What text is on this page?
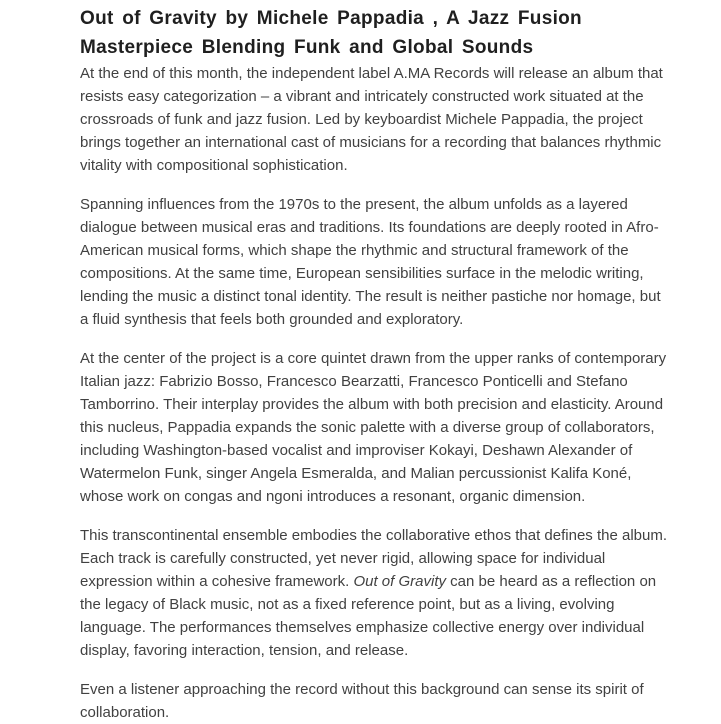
Out of Gravity by Michele Pappadia , A Jazz Fusion Masterpiece Blending Funk and Global Sounds

At the end of this month, the independent label A.MA Records will release an album that resists easy categorization – a vibrant and intricately constructed work situated at the crossroads of funk and jazz fusion. Led by keyboardist Michele Pappadia, the project brings together an international cast of musicians for a recording that balances rhythmic vitality with compositional sophistication.

Spanning influences from the 1970s to the present, the album unfolds as a layered dialogue between musical eras and traditions. Its foundations are deeply rooted in Afro-American musical forms, which shape the rhythmic and structural framework of the compositions. At the same time, European sensibilities surface in the melodic writing, lending the music a distinct tonal identity. The result is neither pastiche nor homage, but a fluid synthesis that feels both grounded and exploratory.

At the center of the project is a core quintet drawn from the upper ranks of contemporary Italian jazz: Fabrizio Bosso, Francesco Bearzatti, Francesco Ponticelli and Stefano Tamborrino. Their interplay provides the album with both precision and elasticity. Around this nucleus, Pappadia expands the sonic palette with a diverse group of collaborators, including Washington-based vocalist and improviser Kokayi, Deshawn Alexander of Watermelon Funk, singer Angela Esmeralda, and Malian percussionist Kalifa Koné, whose work on congas and ngoni introduces a resonant, organic dimension.

This transcontinental ensemble embodies the collaborative ethos that defines the album. Each track is carefully constructed, yet never rigid, allowing space for individual expression within a cohesive framework. Out of Gravity can be heard as a reflection on the legacy of Black music, not as a fixed reference point, but as a living, evolving language. The performances themselves emphasize collective energy over individual display, favoring interaction, tension, and release.

Even a listener approaching the record without this background can sense its spirit of collaboration.
